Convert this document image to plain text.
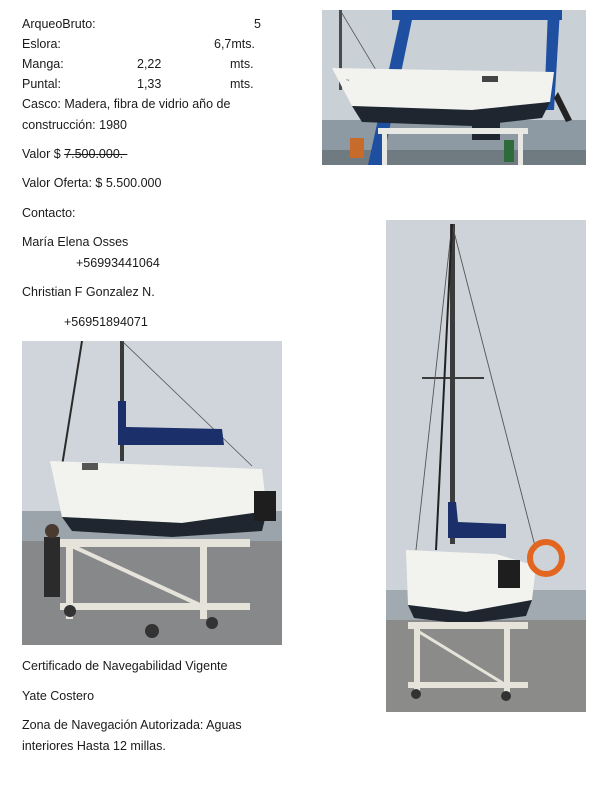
ArqueoBruto:	5
Eslora:	6,7mts.
Manga:	2,22	mts.
Puntal:	1,33	mts.
Casco: Madera, fibra de vidrio año de
construcción: 1980
Valor $ 7.500.000.-
Valor Oferta: $ 5.500.000
Contacto:
María Elena Osses
+56993441064
Christian F Gonzalez N.
+56951894071
Certificado de Navegabilidad Vigente
Yate Costero
Zona de Navegación Autorizada: Aguas
interiores Hasta 12 millas.
~
